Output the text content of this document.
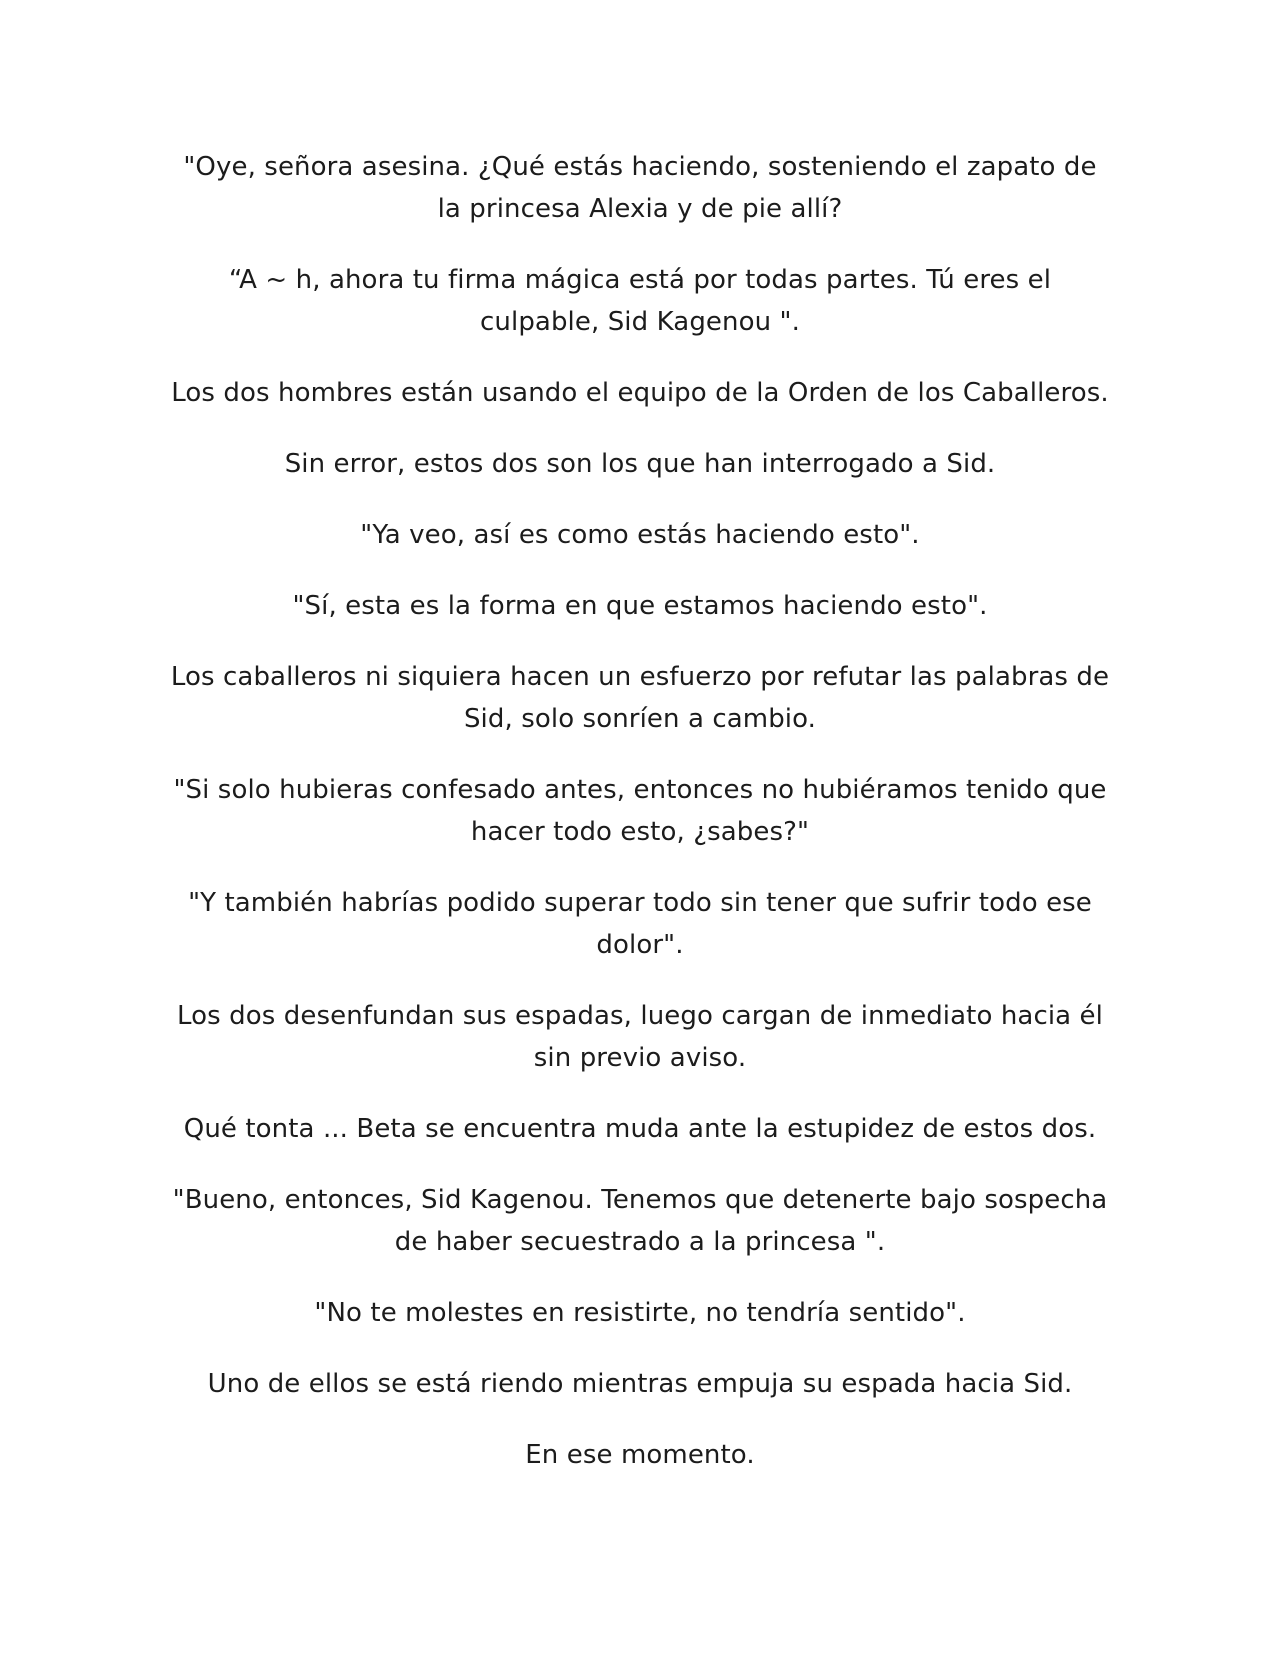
"Oye, señora asesina. ¿Qué estás haciendo, sosteniendo el zapato de la princesa Alexia y de pie allí?

“A ~ h, ahora tu firma mágica está por todas partes. Tú eres el culpable, Sid Kagenou ".

Los dos hombres están usando el equipo de la Orden de los Caballeros.

Sin error, estos dos son los que han interrogado a Sid.

"Ya veo, así es como estás haciendo esto".

"Sí, esta es la forma en que estamos haciendo esto".

Los caballeros ni siquiera hacen un esfuerzo por refutar las palabras de Sid, solo sonríen a cambio.

"Si solo hubieras confesado antes, entonces no hubiéramos tenido que hacer todo esto, ¿sabes?"

"Y también habrías podido superar todo sin tener que sufrir todo ese dolor".

Los dos desenfundan sus espadas, luego cargan de inmediato hacia él sin previo aviso.

Qué tonta ... Beta se encuentra muda ante la estupidez de estos dos.

"Bueno, entonces, Sid Kagenou. Tenemos que detenerte bajo sospecha de haber secuestrado a la princesa ".

"No te molestes en resistirte, no tendría sentido".

Uno de ellos se está riendo mientras empuja su espada hacia Sid.

En ese momento.
